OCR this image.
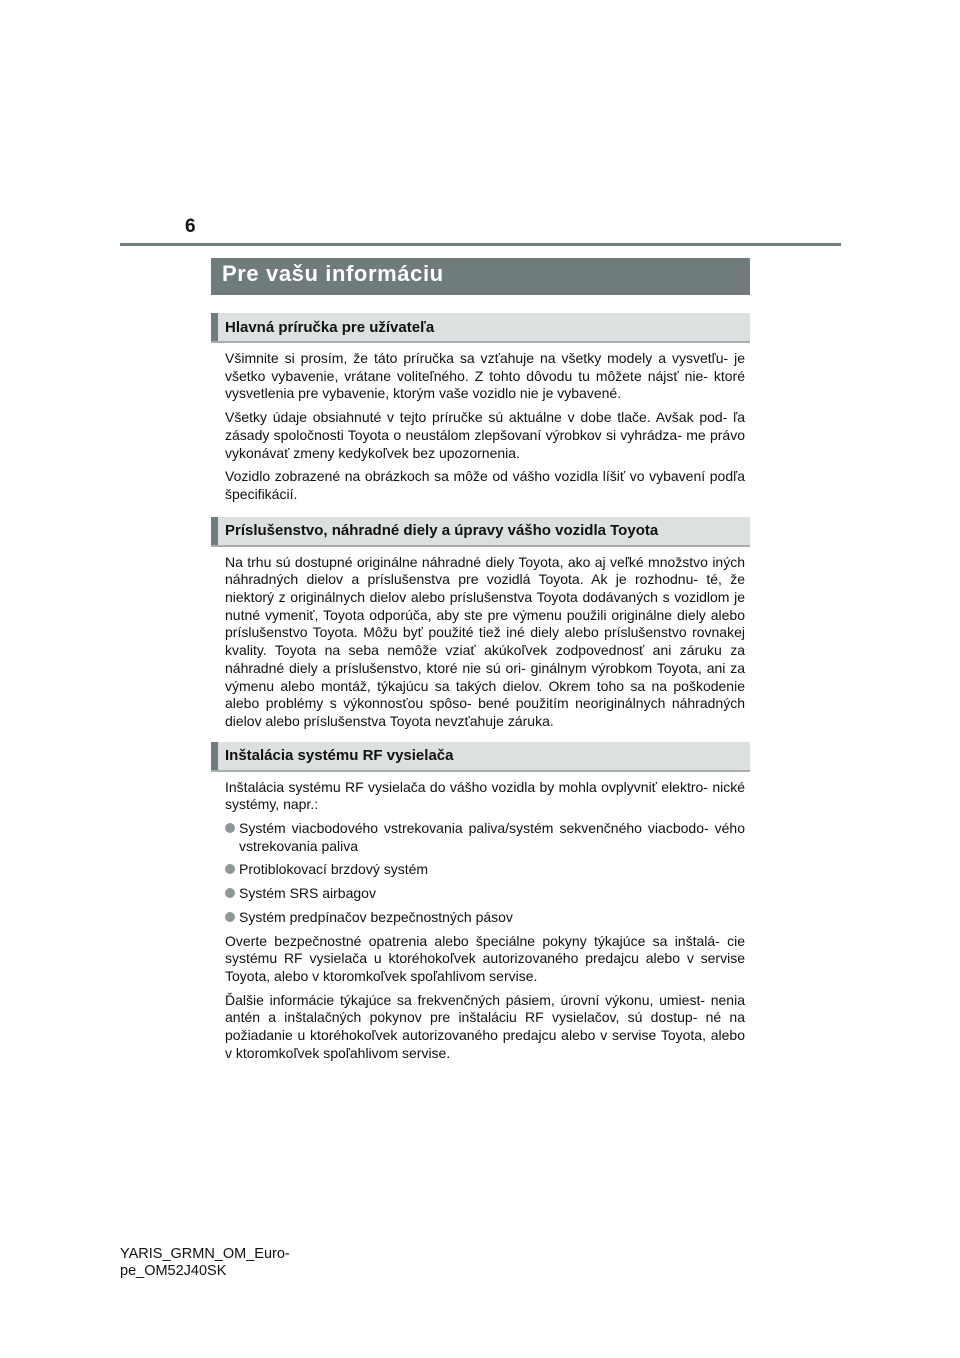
6
Pre vašu informáciu
Hlavná príručka pre užívateľa

Všimnite si prosím, že táto príručka sa vzťahuje na všetky modely a vysvetľu- je všetko vybavenie, vrátane voliteľného. Z tohto dôvodu tu môžete nájsť nie- ktoré vysvetlenia pre vybavenie, ktorým vaše vozidlo nie je vybavené.

Všetky údaje obsiahnuté v tejto príručke sú aktuálne v dobe tlače. Avšak pod- ľa zásady spoločnosti Toyota o neustálom zlepšovaní výrobkov si vyhrádza- me právo vykonávať zmeny kedykoľvek bez upozornenia.

Vozidlo zobrazené na obrázkoch sa môže od vášho vozidla líšiť vo vybavení podľa špecifikácií.

Príslušenstvo, náhradné diely a úpravy vášho vozidla Toyota

Na trhu sú dostupné originálne náhradné diely Toyota, ako aj veľké množstvo iných náhradných dielov a príslušenstva pre vozidlá Toyota. Ak je rozhodnu- té, že niektorý z originálnych dielov alebo príslušenstva Toyota dodávaných s vozidlom je nutné vymeniť, Toyota odporúča, aby ste pre výmenu použili originálne diely alebo príslušenstvo Toyota. Môžu byť použité tiež iné diely alebo príslušenstvo rovnakej kvality. Toyota na seba nemôže vziať akúkoľvek zodpovednosť ani záruku za náhradné diely a príslušenstvo, ktoré nie sú ori- ginálnym výrobkom Toyota, ani za výmenu alebo montáž, týkajúcu sa takých dielov. Okrem toho sa na poškodenie alebo problémy s výkonnosťou spôso- bené použitím neoriginálnych náhradných dielov alebo príslušenstva Toyota nevzťahuje záruka.

Inštalácia systému RF vysielača

Inštalácia systému RF vysielača do vášho vozidla by mohla ovplyvniť elektro- nické systémy, napr.:

Systém viacbodového vstrekovania paliva/systém sekvenčného viacbodo- vého vstrekovania paliva
Protiblokovací brzdový systém
Systém SRS airbagov
Systém predpínačov bezpečnostných pásov

Overte bezpečnostné opatrenia alebo špeciálne pokyny týkajúce sa inštalá- cie systému RF vysielača u ktoréhokoľvek autorizovaného predajcu alebo v servise Toyota, alebo v ktoromkoľvek spoľahlivom servise.

Ďalšie informácie týkajúce sa frekvenčných pásiem, úrovní výkonu, umiest- nenia antén a inštalačných pokynov pre inštaláciu RF vysielačov, sú dostup- né na požiadanie u ktoréhokoľvek autorizovaného predajcu alebo v servise Toyota, alebo v ktoromkoľvek spoľahlivom servise.

YARIS_GRMN_OM_Euro-
pe_OM52J40SK
